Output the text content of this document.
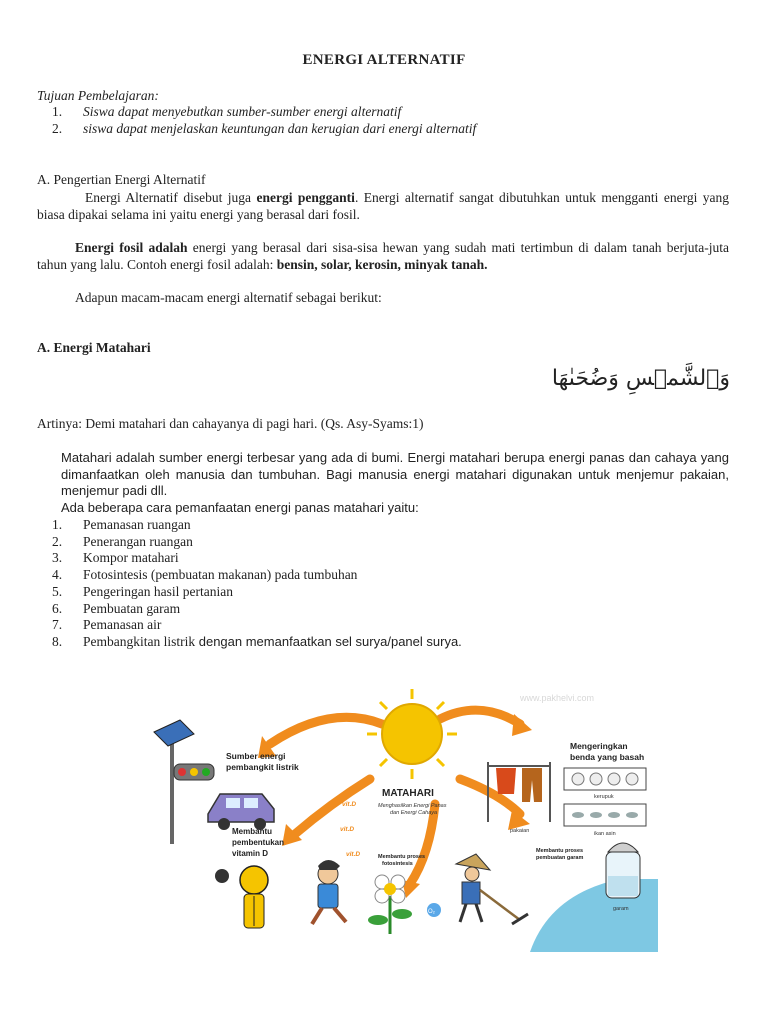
ENERGI ALTERNATIF
Tujuan Pembelajaran:
1. Siswa dapat menyebutkan sumber-sumber energi alternatif
2. siswa dapat menjelaskan keuntungan dan kerugian dari energi alternatif
A. Pengertian Energi Alternatif
Energi Alternatif disebut juga energi pengganti. Energi alternatif sangat dibutuhkan untuk mengganti energi yang biasa dipakai selama ini yaitu energi yang berasal dari fosil.
Energi fosil adalah energi yang berasal dari sisa-sisa hewan yang sudah mati tertimbun di dalam tanah berjuta-juta tahun yang lalu. Contoh energi fosil adalah: bensin, solar, kerosin, minyak tanah.
Adapun macam-macam energi alternatif sebagai berikut:
A. Energi Matahari
وَٱلشَّمۡسِ وَضُحَىٰهَا
Artinya: Demi matahari dan cahayanya di pagi hari. (Qs. Asy-Syams:1)
Matahari adalah sumber energi terbesar yang ada di bumi. Energi matahari berupa energi panas dan cahaya yang dimanfaatkan oleh manusia dan tumbuhan. Bagi manusia energi matahari digunakan untuk menjemur pakaian, menjemur padi dll.
Ada beberapa cara pemanfaatan energi panas matahari yaitu:
1. Pemanasan ruangan
2. Penerangan ruangan
3. Kompor matahari
4. Fotosintesis (pembuatan makanan) pada tumbuhan
5. Pengeringan hasil pertanian
6. Pembuatan garam
7. Pemanasan air
8. Pembangkitan listrik dengan memanfaatkan sel surya/panel surya.
www.pakhelvi.com
MATAHARI
Menghasilkan Energi Panas
dan Energi Cahaya
Sumber energi
pembangkit listrik
Mengeringkan
benda yang basah
pakaian
kerupuk
ikan asin
Membantu
pembentukan
vitamin D
vit.D
vit.D
vit.D	Membantu proses
fotosintesis
O₂
Membantu proses
pembuatan garam
garam
